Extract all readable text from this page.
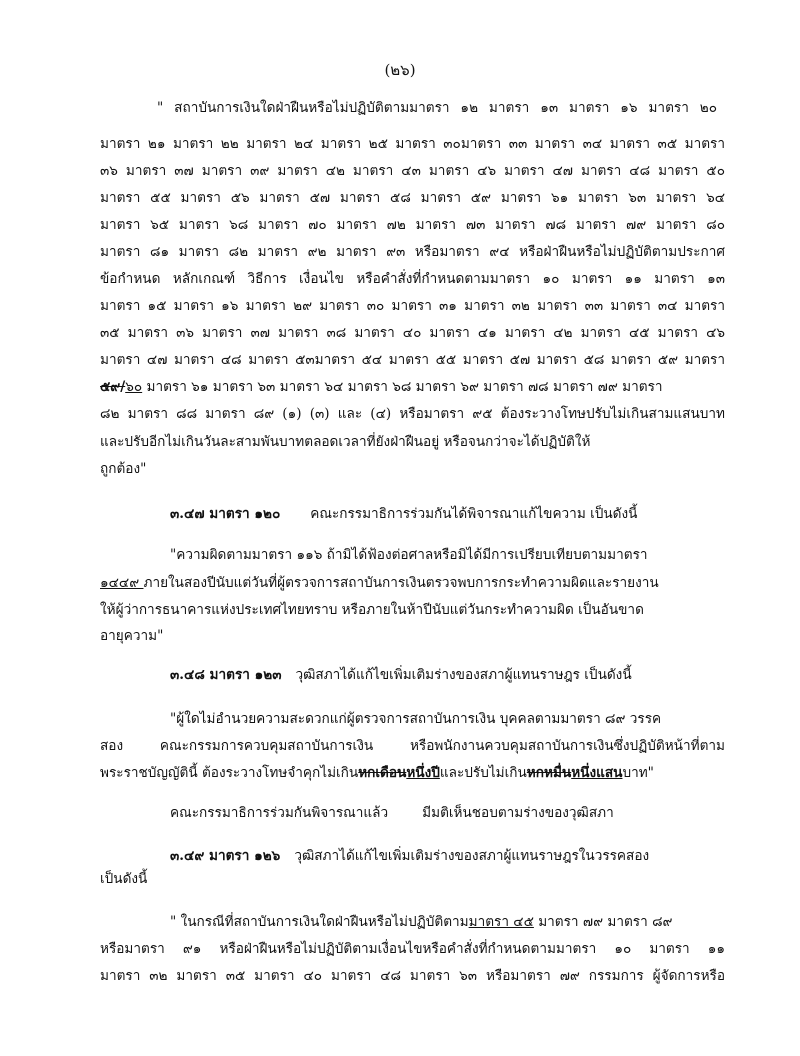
(๒๖)
" สถาบันการเงินใดฝ่าฝืนหรือไม่ปฏิบัติตามมาตรา ๑๒ มาตรา ๑๓ มาตรา ๑๖ มาตรา ๒๐
มาตรา ๒๑ มาตรา ๒๒ มาตรา ๒๔ มาตรา ๒๕ มาตรา ๓๐มาตรา ๓๓ มาตรา ๓๔ มาตรา ๓๕ มาตรา
๓๖ มาตรา ๓๗ มาตรา ๓๙ มาตรา ๔๒ มาตรา ๔๓ มาตรา ๔๖ มาตรา ๔๗ มาตรา ๔๘ มาตรา ๕๐
มาตรา ๕๕ มาตรา ๕๖ มาตรา ๕๗ มาตรา ๕๘ มาตรา ๕๙ มาตรา ๖๑ มาตรา ๖๓ มาตรา ๖๔
มาตรา ๖๕ มาตรา ๖๘ มาตรา ๗๐ มาตรา ๗๒ มาตรา ๗๓ มาตรา ๗๘ มาตรา ๗๙ มาตรา ๘๐
มาตรา ๘๑ มาตรา ๘๒ มาตรา ๙๒ มาตรา ๙๓ หรือมาตรา ๙๔ หรือฝ่าฝืนหรือไม่ปฏิบัติตามประกาศ
ข้อกำหนด หลักเกณฑ์ วิธีการ เงื่อนไข หรือคำสั่งที่กำหนดตามมาตรา ๑๐ มาตรา ๑๑ มาตรา ๑๓
มาตรา ๑๕ มาตรา ๑๖ มาตรา ๒๙ มาตรา ๓๐ มาตรา ๓๑ มาตรา ๓๒ มาตรา ๓๓ มาตรา ๓๔ มาตรา
๓๕ มาตรา ๓๖ มาตรา ๓๗ มาตรา ๓๘ มาตรา ๔๐ มาตรา ๔๑ มาตรา ๔๒ มาตรา ๔๕ มาตรา ๔๖
มาตรา ๔๗ มาตรา ๔๘ มาตรา ๕๓มาตรา ๕๔ มาตรา ๕๕ มาตรา ๕๗ มาตรา ๕๘ มาตรา ๕๙ มาตรา
๕๙/๖๐ มาตรา ๖๑ มาตรา ๖๓ มาตรา ๖๔ มาตรา ๖๘ มาตรา ๖๙ มาตรา ๗๘ มาตรา ๗๙ มาตรา
๘๒ มาตรา ๘๘ มาตรา ๘๙ (๑) (๓) และ (๔) หรือมาตรา ๙๕ ต้องระวางโทษปรับไม่เกินสามแสนบาท
และปรับอีกไม่เกินวันละสามพันบาทตลอดเวลาที่ยังฝ่าฝืนอยู่ หรือจนกว่าจะได้ปฏิบัติให้
ถูกต้อง"
๓.๔๗ มาตรา ๑๒๐ คณะกรรมาธิการร่วมกันได้พิจารณาแก้ไขความ เป็นดังนี้
"ความผิดตามมาตรา ๑๑๖ ถ้ามิได้ฟ้องต่อศาลหรือมิได้มีการเปรียบเทียบตามมาตรา
๑๔๔๙ ภายในสองปีนับแต่วันที่ผู้ตรวจการสถาบันการเงินตรวจพบการกระทำความผิดและรายงาน
ให้ผู้ว่าการธนาคารแห่งประเทศไทยทราบ หรือภายในห้าปีนับแต่วันกระทำความผิด เป็นอันขาด
อายุความ"
๓.๔๘ มาตรา ๑๒๓ วุฒิสภาได้แก้ไขเพิ่มเติมร่างของสภาผู้แทนราษฎร เป็นดังนี้
"ผู้ใดไม่อำนวยความสะดวกแก่ผู้ตรวจการสถาบันการเงิน บุคคลตามมาตรา ๘๙ วรรค
สอง คณะกรรมการควบคุมสถาบันการเงิน หรือพนักงานควบคุมสถาบันการเงินซึ่งปฏิบัติหน้าที่ตาม
พระราชบัญญัตินี้ ต้องระวางโทษจำคุกไม่เกินหกเดือนหนึ่งปีและปรับไม่เกินหกหมื่นหนึ่งแสนบาท"
คณะกรรมาธิการร่วมกันพิจารณาแล้ว	มีมติเห็นชอบตามร่างของวุฒิสภา
๓.๔๙ มาตรา ๑๒๖ วุฒิสภาได้แก้ไขเพิ่มเติมร่างของสภาผู้แทนราษฎรในวรรคสอง
เป็นดังนี้
" ในกรณีที่สถาบันการเงินใดฝ่าฝืนหรือไม่ปฏิบัติตามมาตรา ๔๕ มาตรา ๗๙ มาตรา ๘๙
หรือมาตรา ๙๑ หรือฝ่าฝืนหรือไม่ปฏิบัติตามเงื่อนไขหรือคำสั่งที่กำหนดตามมาตรา ๑๐ มาตรา ๑๑
มาตรา ๓๒ มาตรา ๓๕ มาตรา ๔๐ มาตรา ๔๘ มาตรา ๖๓ หรือมาตรา ๗๙ กรรมการ ผู้จัดการหรือ
